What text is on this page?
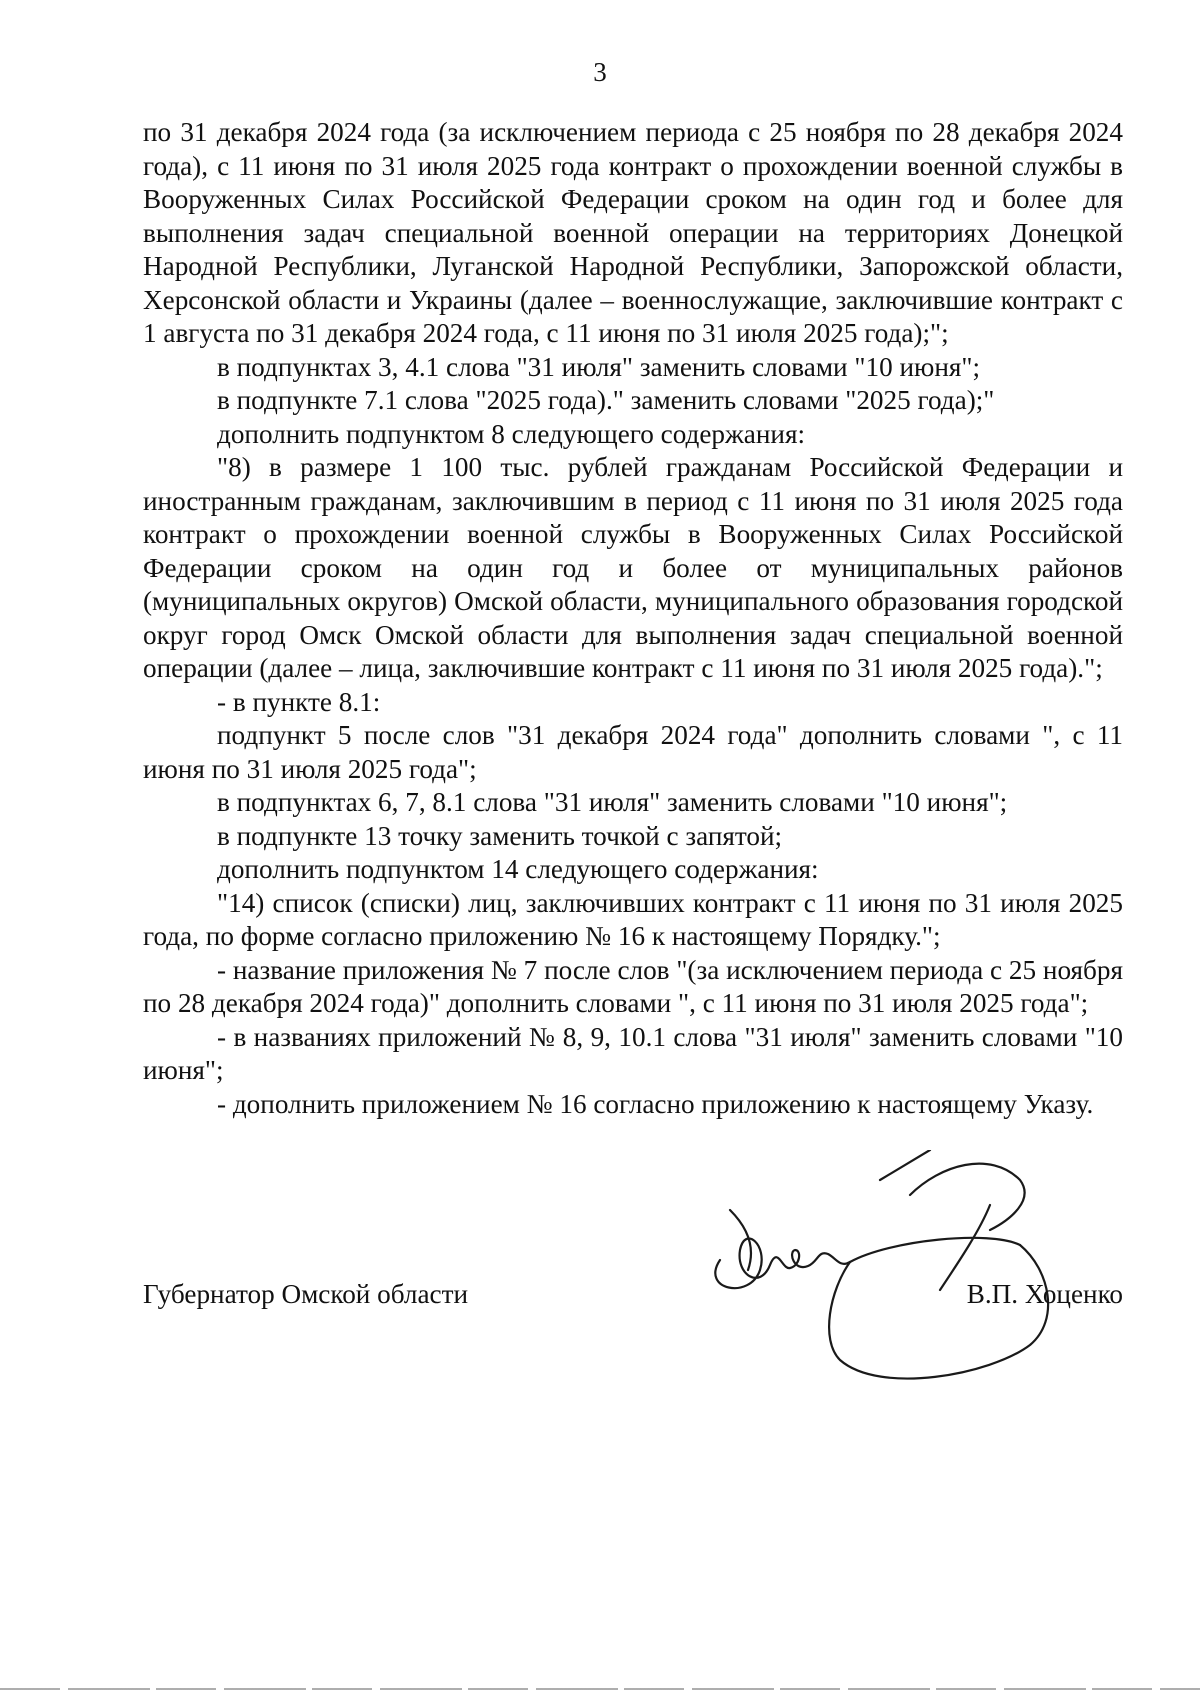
3

по 31 декабря 2024 года (за исключением периода с 25 ноября по 28 декабря 2024 года), с 11 июня по 31 июля 2025 года контракт о прохождении военной службы в Вооруженных Силах Российской Федерации сроком на один год и более для выполнения задач специальной военной операции на территориях Донецкой Народной Республики, Луганской Народной Республики, Запорожской области, Херсонской области и Украины (далее – военнослужащие, заключившие контракт с 1 августа по 31 декабря 2024 года, с 11 июня по 31 июля 2025 года);";

в подпунктах 3, 4.1 слова "31 июля" заменить словами "10 июня";

в подпункте 7.1 слова "2025 года)." заменить словами "2025 года);"

дополнить подпунктом 8 следующего содержания:

"8) в размере 1 100 тыс. рублей гражданам Российской Федерации и иностранным гражданам, заключившим в период с 11 июня по 31 июля 2025 года контракт о прохождении военной службы в Вооруженных Силах Российской Федерации сроком на один год и более от муниципальных районов (муниципальных округов) Омской области, муниципального образования городской округ город Омск Омской области для выполнения задач специальной военной операции (далее – лица, заключившие контракт с 11 июня по 31 июля 2025 года).";

- в пункте 8.1:

подпункт 5 после слов "31 декабря 2024 года" дополнить словами ", с 11 июня по 31 июля 2025 года";

в подпунктах 6, 7, 8.1 слова "31 июля" заменить словами "10 июня";

в подпункте 13 точку заменить точкой с запятой;

дополнить подпунктом 14 следующего содержания:

"14) список (списки) лиц, заключивших контракт с 11 июня по 31 июля 2025 года, по форме согласно приложению № 16 к настоящему Порядку.";

- название приложения № 7 после слов "(за исключением периода с 25 ноября по 28 декабря 2024 года)" дополнить словами ", с 11 июня по 31 июля 2025 года";

- в названиях приложений № 8, 9, 10.1 слова "31 июля" заменить словами "10 июня";

- дополнить приложением № 16 согласно приложению к настоящему Указу.

Губернатор Омской области	В.П. Хоценко
